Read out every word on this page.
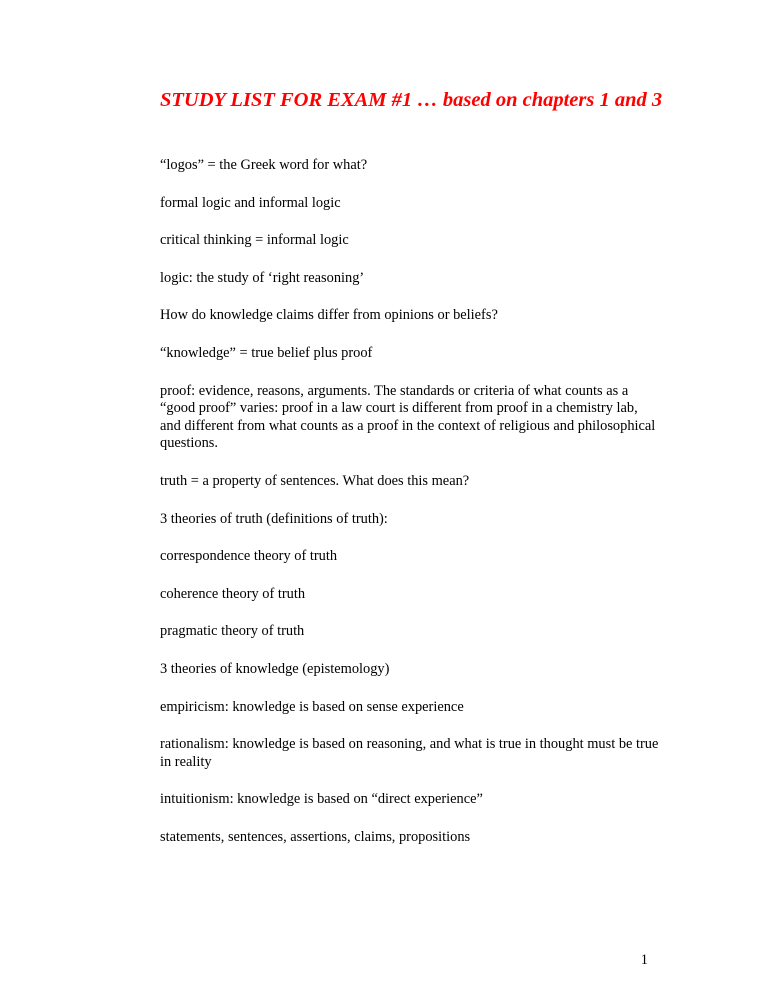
STUDY LIST FOR EXAM #1 … based on chapters 1 and 3

“logos” = the Greek word for what?

formal logic and informal logic

critical thinking = informal logic

logic: the study of ‘right reasoning’

How do knowledge claims differ from opinions or beliefs?

“knowledge” = true belief plus proof

proof: evidence, reasons, arguments. The standards or criteria of what counts as a “good proof” varies: proof in a law court is different from proof in a chemistry lab, and different from what counts as a proof in the context of religious and philosophical questions.

truth = a property of sentences. What does this mean?

3 theories of truth (definitions of truth):

correspondence theory of truth

coherence theory of truth

pragmatic theory of truth

3 theories of knowledge (epistemology)

empiricism: knowledge is based on sense experience

rationalism: knowledge is based on reasoning, and what is true in thought must be true in reality

intuitionism: knowledge is based on “direct experience”

statements, sentences, assertions, claims, propositions

1
